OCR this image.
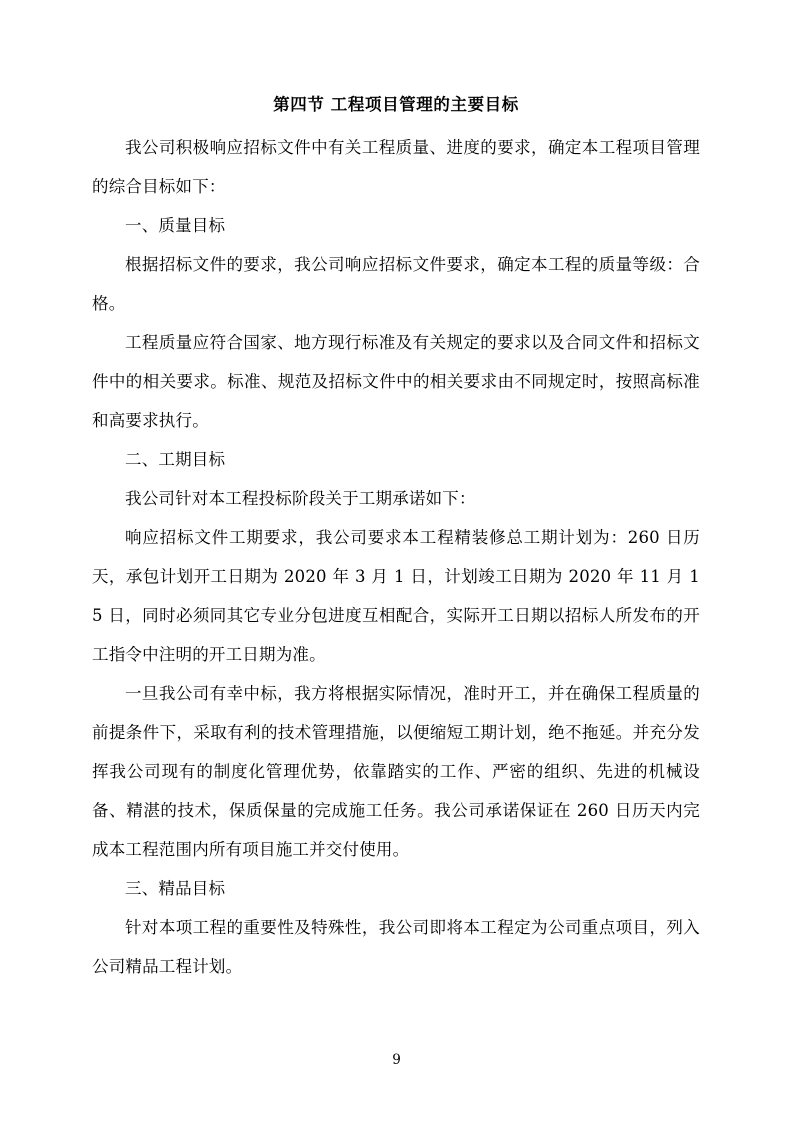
第四节 工程项目管理的主要目标

我公司积极响应招标文件中有关工程质量、进度的要求，确定本工程项目管理的综合目标如下：

一、质量目标

根据招标文件的要求，我公司响应招标文件要求，确定本工程的质量等级：合格。

工程质量应符合国家、地方现行标准及有关规定的要求以及合同文件和招标文件中的相关要求。标准、规范及招标文件中的相关要求由不同规定时，按照高标准和高要求执行。

二、工期目标

我公司针对本工程投标阶段关于工期承诺如下：

响应招标文件工期要求，我公司要求本工程精装修总工期计划为：260 日历天，承包计划开工日期为 2020 年 3 月 1 日，计划竣工日期为 2020 年 11 月 15 日，同时必须同其它专业分包进度互相配合，实际开工日期以招标人所发布的开工指令中注明的开工日期为准。

一旦我公司有幸中标，我方将根据实际情况，准时开工，并在确保工程质量的前提条件下，采取有利的技术管理措施，以便缩短工期计划，绝不拖延。并充分发挥我公司现有的制度化管理优势，依靠踏实的工作、严密的组织、先进的机械设备、精湛的技术，保质保量的完成施工任务。我公司承诺保证在 260 日历天内完成本工程范围内所有项目施工并交付使用。

三、精品目标

针对本项工程的重要性及特殊性，我公司即将本工程定为公司重点项目，列入公司精品工程计划。

9
